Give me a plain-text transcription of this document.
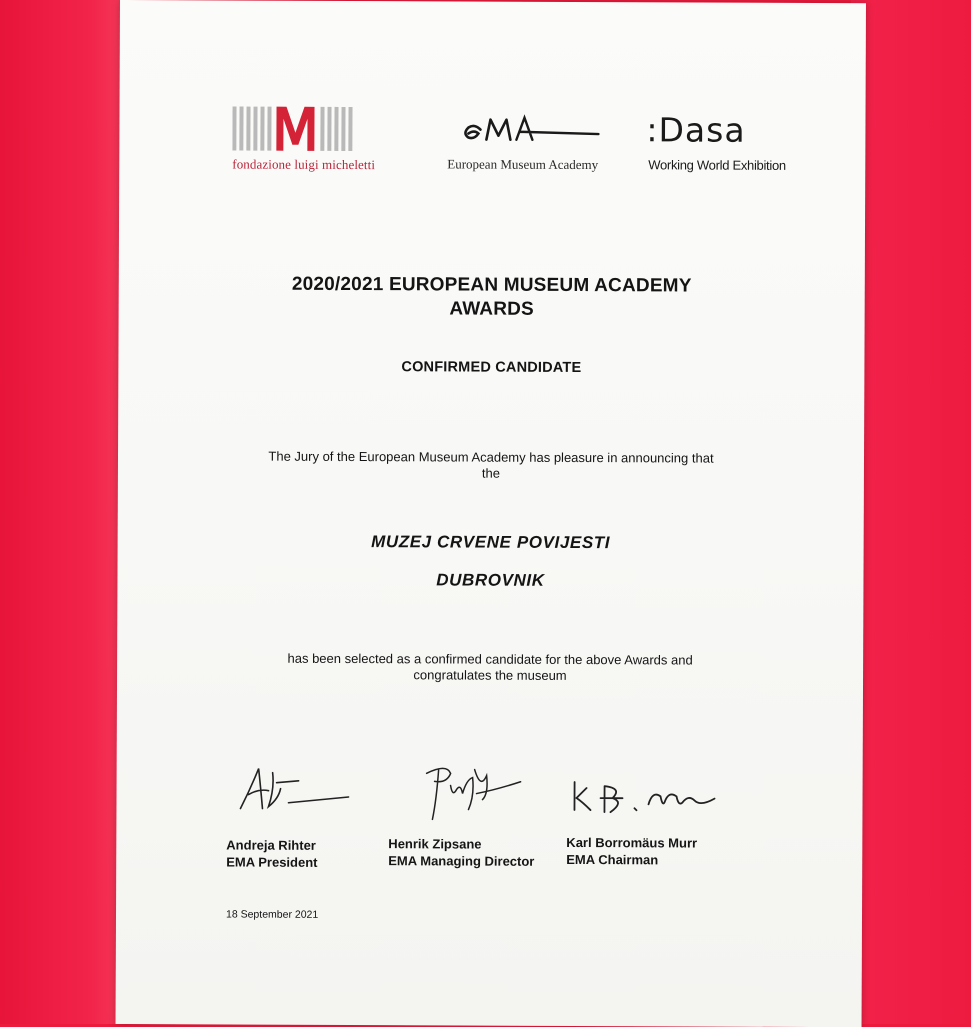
fondazione luigi micheletti	European Museum Academy
:Dasa
Working World Exhibition
2020/2021 EUROPEAN MUSEUM ACADEMY
AWARDS
CONFIRMED CANDIDATE
The Jury of the European Museum Academy has pleasure in announcing that
the
MUZEJ CRVENE POVIJESTI
DUBROVNIK
has been selected as a confirmed candidate for the above Awards and
congratulates the museum
Andreja Rihter
EMA President
Henrik Zipsane
EMA Managing Director
Karl Borromäus Murr
EMA Chairman
18 September 2021
